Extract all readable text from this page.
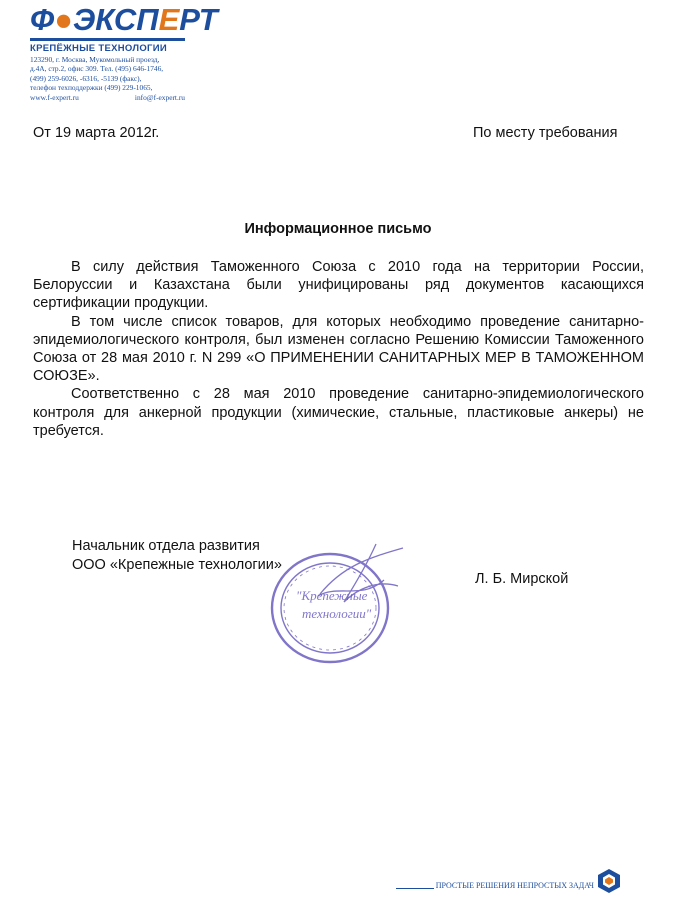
Ф●ЭКСПЕРТ
КРЕПЁЖНЫЕ ТЕХНОЛОГИИ
123290, г. Москва, Мукомольный проезд,
д.4А, стр.2, офис 309. Тел. (495) 646-1746,
(499) 259-6026, -6316, -5139 (факс),
телефон техподдержки (499) 229-1065,
www.f-expert.ru	info@f-expert.ru
От 19 марта 2012г.	По месту требования
Информационное письмо

В силу действия Таможенного Союза с 2010 года на территории России, Белоруссии и Казахстана были унифицированы ряд документов касающихся сертификации продукции.

В том числе список товаров, для которых необходимо проведение санитарно-эпидемиологического контроля, был изменен согласно Решению Комиссии Таможенного Союза от 28 мая 2010 г. N 299 «О ПРИМЕНЕНИИ САНИТАРНЫХ МЕР В ТАМОЖЕННОМ СОЮЗЕ».

Соответственно с 28 мая 2010 проведение санитарно-эпидемиологического контроля для анкерной продукции (химические, стальные, пластиковые анкеры) не требуется.

Начальник отдела развития
ООО «Крепежные технологии»
Л. Б. Мирской
"Крепежные
технологии"
ПРОСТЫЕ РЕШЕНИЯ НЕПРОСТЫХ ЗАДАЧ
